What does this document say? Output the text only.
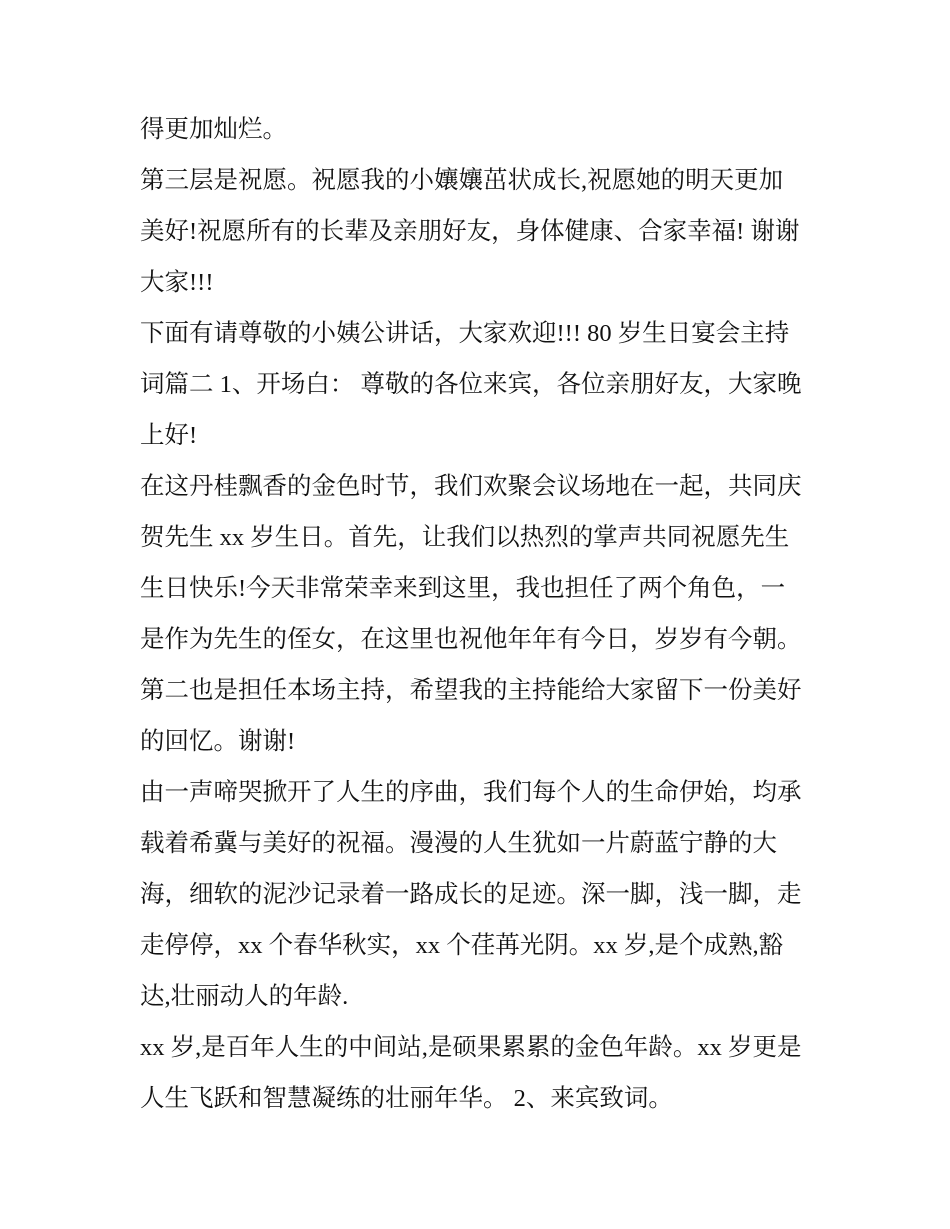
得更加灿烂。
第三层是祝愿。祝愿我的小孃孃茁状成长,祝愿她的明天更加
美好!祝愿所有的长辈及亲朋好友，身体健康、合家幸福! 谢谢
大家!!!
下面有请尊敬的小姨公讲话，大家欢迎!!! 80 岁生日宴会主持
词篇二 1、开场白： 尊敬的各位来宾，各位亲朋好友，大家晚
上好!
在这丹桂飘香的金色时节，我们欢聚会议场地在一起，共同庆
贺先生 xx 岁生日。首先，让我们以热烈的掌声共同祝愿先生
生日快乐!今天非常荣幸来到这里，我也担任了两个角色，一
是作为先生的侄女，在这里也祝他年年有今日，岁岁有今朝。
第二也是担任本场主持，希望我的主持能给大家留下一份美好
的回忆。谢谢!
由一声啼哭掀开了人生的序曲，我们每个人的生命伊始，均承
载着希冀与美好的祝福。漫漫的人生犹如一片蔚蓝宁静的大
海，细软的泥沙记录着一路成长的足迹。深一脚，浅一脚，走
走停停，xx 个春华秋实，xx 个荏苒光阴。xx 岁,是个成熟,豁
达,壮丽动人的年龄.
xx 岁,是百年人生的中间站,是硕果累累的金色年龄。xx 岁更是
人生飞跃和智慧凝练的壮丽年华。 2、来宾致词。
